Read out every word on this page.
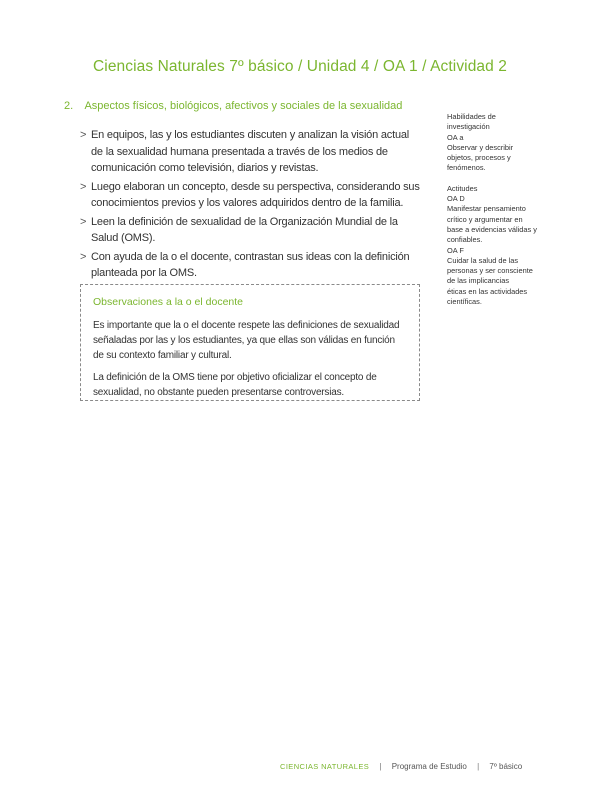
Ciencias Naturales 7º básico / Unidad 4 / OA 1 / Actividad 2
2. Aspectos físicos, biológicos, afectivos y sociales de la sexualidad
> En equipos, las y los estudiantes discuten y analizan la visión actual de la sexualidad humana presentada a través de los medios de comunicación como televisión, diarios y revistas.
> Luego elaboran un concepto, desde su perspectiva, considerando sus conocimientos previos y los valores adquiridos dentro de la familia.
> Leen la definición de sexualidad de la Organización Mundial de la Salud (OMS).
> Con ayuda de la o el docente, contrastan sus ideas con la definición planteada por la OMS.
Observaciones a la o el docente

Es importante que la o el docente respete las definiciones de sexualidad señaladas por las y los estudiantes, ya que ellas son válidas en función de su contexto familiar y cultural.

La definición de la OMS tiene por objetivo oficializar el concepto de sexualidad, no obstante pueden presentarse controversias.

Habilidades de
investigación
OA a
Observar y describir
objetos, procesos y
fenómenos.
Actitudes
OA D
Manifestar pensamiento
crítico y argumentar en
base a evidencias válidas y
confiables.
OA F
Cuidar la salud de las
personas y ser consciente
de las implicancias
éticas en las actividades
científicas.
CIENCIAS NATURALES | Programa de Estudio | 7º básico
